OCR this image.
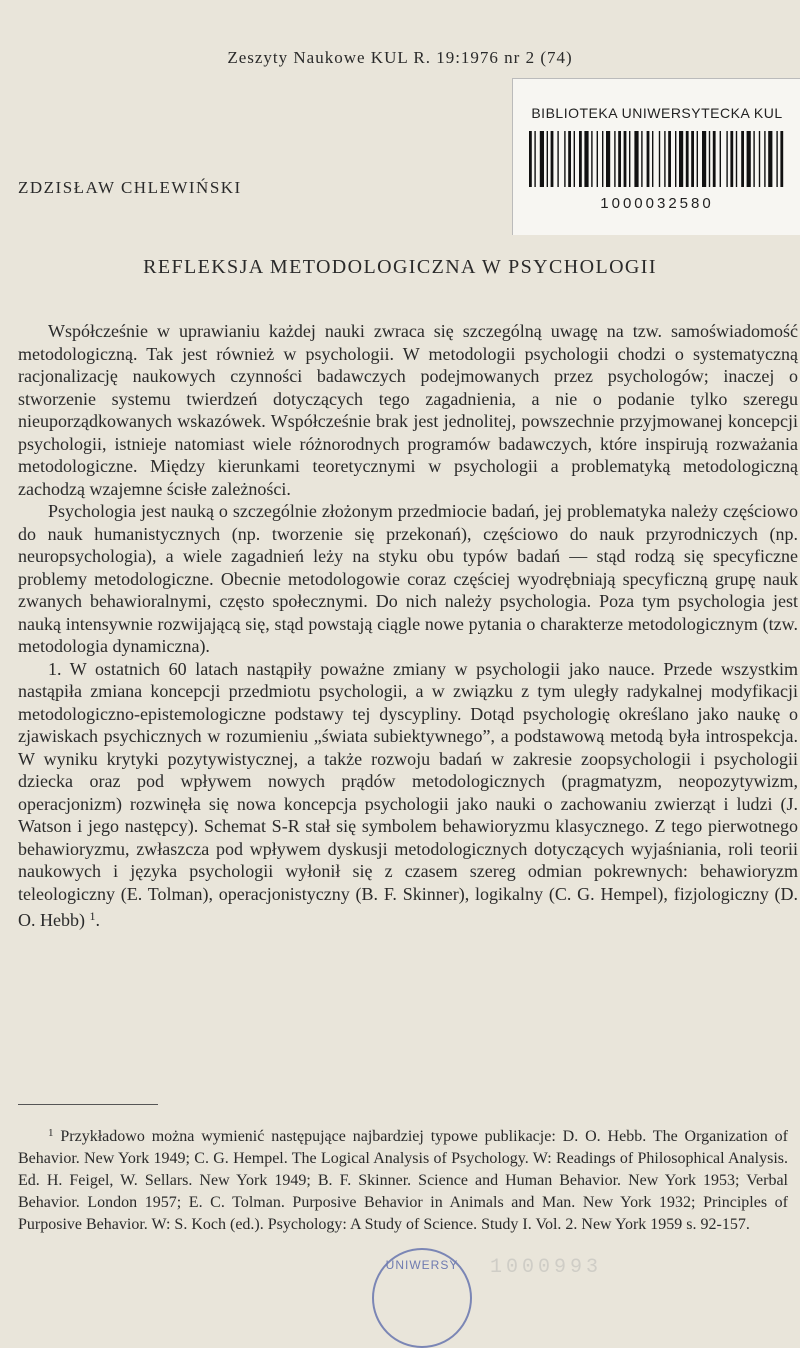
Zeszyty Naukowe KUL R. 19:1976 nr 2 (74)
BIBLIOTEKA UNIWERSYTECKA KUL
1000032580
ZDZISŁAW CHLEWIŃSKI
REFLEKSJA METODOLOGICZNA W PSYCHOLOGII

Współcześnie w uprawianiu każdej nauki zwraca się szczególną uwagę na tzw. samoświadomość metodologiczną. Tak jest również w psychologii. W metodologii psychologii chodzi o systematyczną racjonalizację naukowych czynności badawczych podejmowanych przez psychologów; inaczej o stworzenie systemu twierdzeń dotyczących tego zagadnienia, a nie o podanie tylko szeregu nieuporządkowanych wskazówek. Współcześnie brak jest jednolitej, powszechnie przyjmowanej koncepcji psychologii, istnieje natomiast wiele różnorodnych programów badawczych, które inspirują rozważania metodologiczne. Między kierunkami teoretycznymi w psychologii a problematyką metodologiczną zachodzą wzajemne ścisłe zależności.

Psychologia jest nauką o szczególnie złożonym przedmiocie badań, jej problematyka należy częściowo do nauk humanistycznych (np. tworzenie się przekonań), częściowo do nauk przyrodniczych (np. neuropsychologia), a wiele zagadnień leży na styku obu typów badań — stąd rodzą się specyficzne problemy metodologiczne. Obecnie metodologowie coraz częściej wyodrębniają specyficzną grupę nauk zwanych behawioralnymi, często społecznymi. Do nich należy psychologia. Poza tym psychologia jest nauką intensywnie rozwijającą się, stąd powstają ciągle nowe pytania o charakterze metodologicznym (tzw. metodologia dynamiczna).

1. W ostatnich 60 latach nastąpiły poważne zmiany w psychologii jako nauce. Przede wszystkim nastąpiła zmiana koncepcji przedmiotu psychologii, a w związku z tym uległy radykalnej modyfikacji metodologiczno-epistemologiczne podstawy tej dyscypliny. Dotąd psychologię określano jako naukę o zjawiskach psychicznych w rozumieniu „świata subiektywnego”, a podstawową metodą była introspekcja. W wyniku krytyki pozytywistycznej, a także rozwoju badań w zakresie zoopsychologii i psychologii dziecka oraz pod wpływem nowych prądów metodologicznych (pragmatyzm, neopozytywizm, operacjonizm) rozwinęła się nowa koncepcja psychologii jako nauki o zachowaniu zwierząt i ludzi (J. Watson i jego następcy). Schemat S-R stał się symbolem behawioryzmu klasycznego. Z tego pierwotnego behawioryzmu, zwłaszcza pod wpływem dyskusji metodologicznych dotyczących wyjaśniania, roli teorii naukowych i języka psychologii wyłonił się z czasem szereg odmian pokrewnych: behawioryzm teleologiczny (E. Tolman), operacjonistyczny (B. F. Skinner), logikalny (C. G. Hempel), fizjologiczny (D. O. Hebb) $^1$.

$^1$ Przykładowo można wymienić następujące najbardziej typowe publikacje: D. O. Hebb. The Organization of Behavior. New York 1949; C. G. Hempel. The Logical Analysis of Psychology. W: Readings of Philosophical Analysis. Ed. H. Feigel, W. Sellars. New York 1949; B. F. Skinner. Science and Human Behavior. New York 1953; Verbal Behavior. London 1957; E. C. Tolman. Purposive Behavior in Animals and Man. New York 1932; Principles of Purposive Behavior. W: S. Koch (ed.). Psychology: A Study of Science. Study I. Vol. 2. New York 1959 s. 92-157.
UNIWERSY	1000993
